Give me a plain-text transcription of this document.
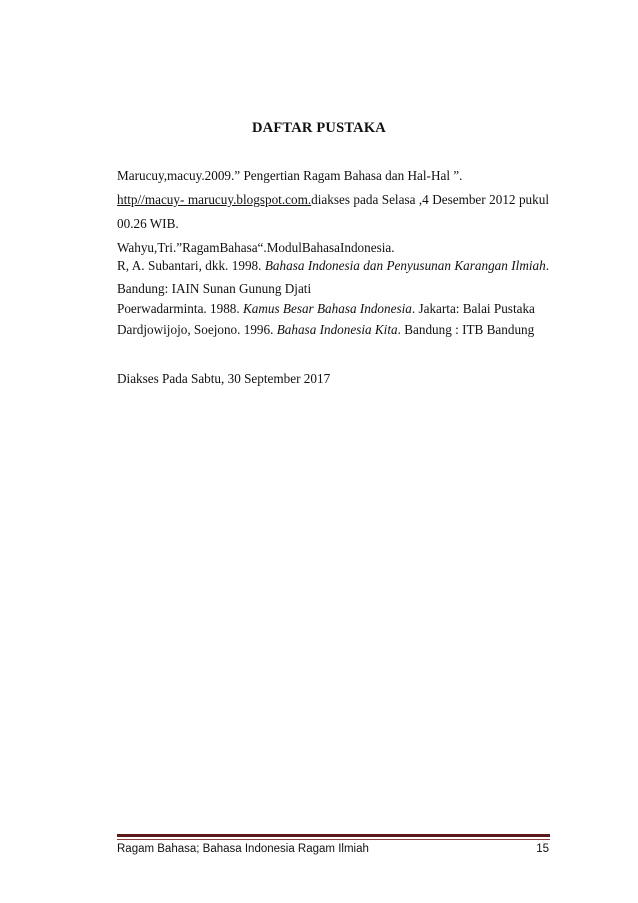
DAFTAR PUSTAKA
Marucuy,macuy.2009.” Pengertian Ragam Bahasa dan Hal-Hal ”.
http//macuy- marucuy.blogspot.com.diakses pada Selasa ,4 Desember 2012 pukul
00.26 WIB.
Wahyu,Tri.”RagamBahasa“.ModulBahasaIndonesia.
R, A. Subantari, dkk. 1998. Bahasa Indonesia dan Penyusunan Karangan Ilmiah.
Bandung: IAIN Sunan Gunung Djati
Poerwadarminta. 1988. Kamus Besar Bahasa Indonesia. Jakarta: Balai Pustaka
Dardjowijojo, Soejono. 1996. Bahasa Indonesia Kita. Bandung : ITB Bandung
Diakses Pada Sabtu, 30 September 2017
Ragam Bahasa; Bahasa Indonesia Ragam Ilmiah	15
